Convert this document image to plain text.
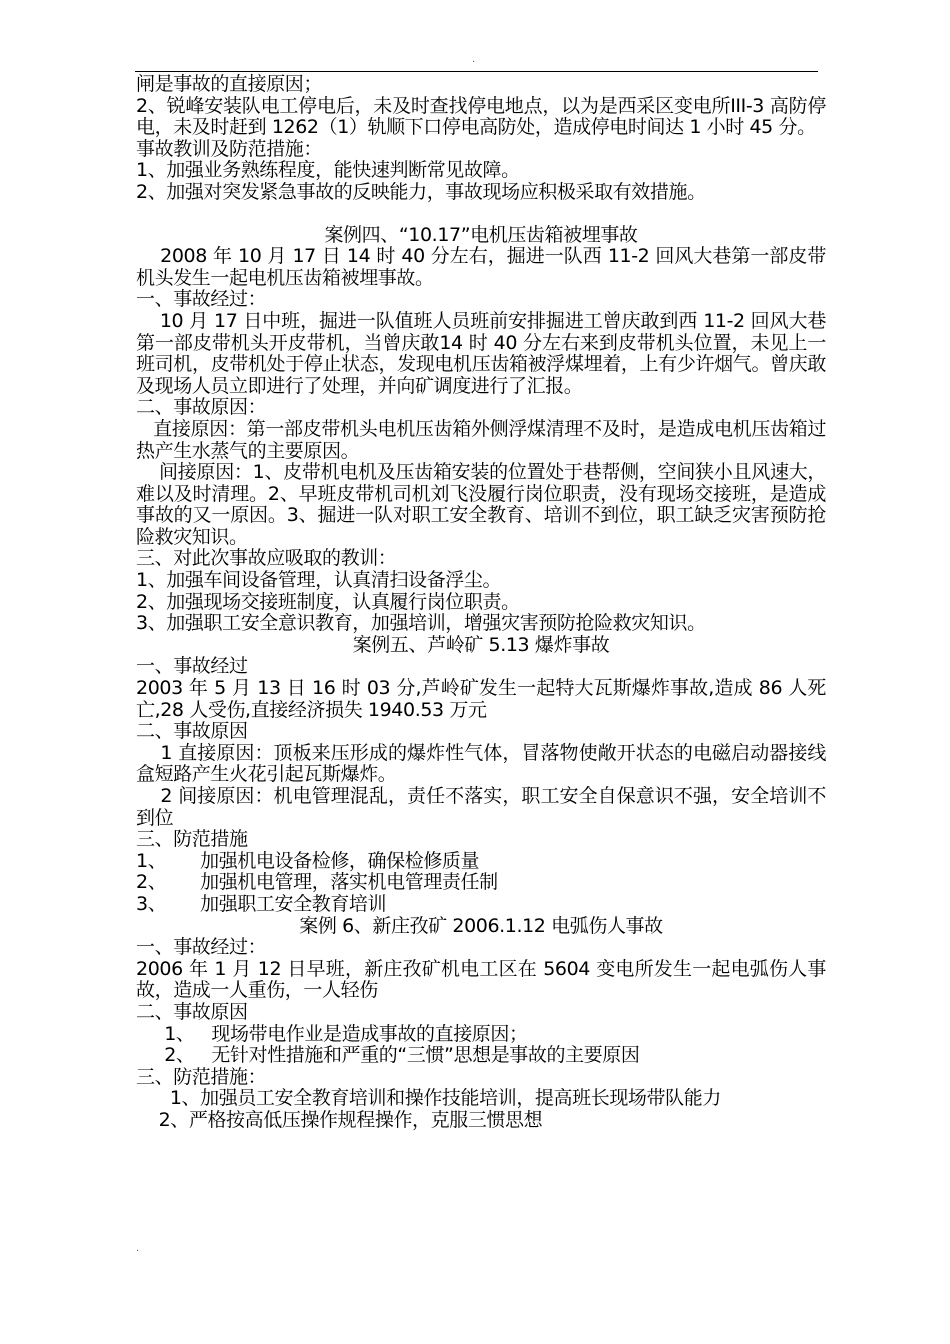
.

闸是事故的直接原因；

2、锐峰安装队电工停电后，未及时查找停电地点，以为是西采区变电所III-3 高防停电，未及时赶到 1262（1）轨顺下口停电高防处，造成停电时间达 1 小时 45 分。

事故教训及防范措施：

1、加强业务熟练程度，能快速判断常见故障。

2、加强对突发紧急事故的反映能力，事故现场应积极采取有效措施。

案例四、“10.17”电机压齿箱被埋事故

2008 年 10 月 17 日 14 时 40 分左右，掘进一队西 11-2 回风大巷第一部皮带机头发生一起电机压齿箱被埋事故。

一、事故经过：

10 月 17 日中班，掘进一队值班人员班前安排掘进工曾庆敢到西 11-2 回风大巷第一部皮带机头开皮带机，当曾庆敢14 时 40 分左右来到皮带机头位置，未见上一班司机，皮带机处于停止状态，发现电机压齿箱被浮煤埋着，上有少许烟气。曾庆敢及现场人员立即进行了处理，并向矿调度进行了汇报。

二、事故原因：

直接原因：第一部皮带机头电机压齿箱外侧浮煤清理不及时，是造成电机压齿箱过热产生水蒸气的主要原因。

间接原因：1、皮带机电机及压齿箱安装的位置处于巷帮侧，空间狭小且风速大，难以及时清理。2、早班皮带机司机刘飞没履行岗位职责，没有现场交接班，是造成事故的又一原因。3、掘进一队对职工安全教育、培训不到位，职工缺乏灾害预防抢险救灾知识。

三、对此次事故应吸取的教训：

1、加强车间设备管理，认真清扫设备浮尘。

2、加强现场交接班制度，认真履行岗位职责。

3、加强职工安全意识教育，加强培训，增强灾害预防抢险救灾知识。

案例五、芦岭矿 5.13 爆炸事故

一、事故经过

2003 年 5 月 13 日 16 时 03 分,芦岭矿发生一起特大瓦斯爆炸事故,造成 86 人死亡,28 人受伤,直接经济损失 1940.53 万元

二、事故原因

1 直接原因：顶板来压形成的爆炸性气体，冒落物使敞开状态的电磁启动器接线盒短路产生火花引起瓦斯爆炸。

2 间接原因：机电管理混乱，责任不落实，职工安全自保意识不强，安全培训不到位

三、防范措施

1、      加强机电设备检修，确保检修质量

2、      加强机电管理，落实机电管理责任制

3、      加强职工安全教育培训

案例 6、新庄孜矿 2006.1.12 电弧伤人事故

一、事故经过：

2006 年 1 月 12 日早班，新庄孜矿机电工区在 5604 变电所发生一起电弧伤人事故，造成一人重伤，一人轻伤

二、事故原因

1、   现场带电作业是造成事故的直接原因；

2、   无针对性措施和严重的“三惯”思想是事故的主要原因

三、防范措施：

1、加强员工安全教育培训和操作技能培训，提高班长现场带队能力

2、严格按高低压操作规程操作，克服三惯思想

.
